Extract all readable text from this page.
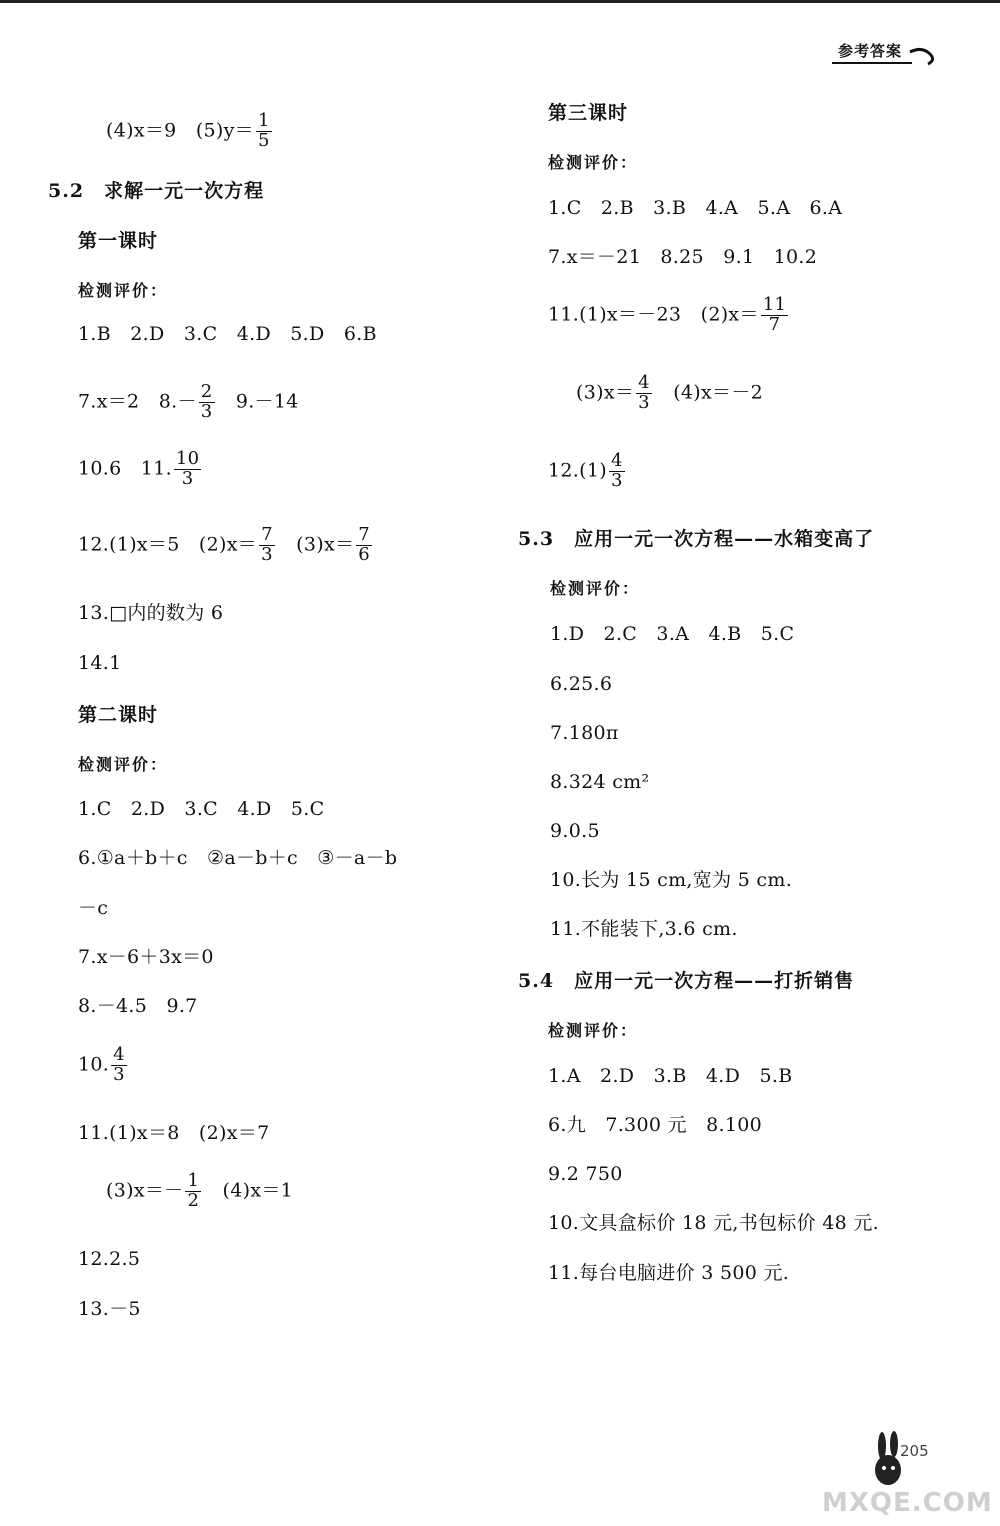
参考答案
(4)x＝9　$(5)y= \frac{1}{5}$
5.2　 求解一元一次方程
第一课时
检测评价：
1.B　2.D　3.C　4.D　5.D　6.B
7.x＝2　$8.- \frac{2}{3}$ 　9.－14
10.6　11. $\frac{10}{3}$
12.(1)x＝5　$(2)x= \frac{7}{3}$ 　$(3)x= \frac{7}{6}$
13.□内的数为 6
14.1
第二课时
检测评价：
1.C　2.D　3.C　4.D　5.C
6.①a＋b＋c　②a－b＋c　③－a－b
－c
7.x－6＋3x＝0
8.－4.5　9.7
10. $\frac{4}{3}$
11.(1)x＝8　(2)x＝7
$(3)x=- \frac{1}{2}$ 　(4)x＝1
12.2.5
13.－5
第三课时
检测评价：
1.C　2.B　3.B　4.A　5.A　6.A
7.x＝－21　8.25　9.1　10.2
11.(1)x＝－23　$(2)x= \frac{11}{7}$
$(3)x= \frac{4}{3}$ 　(4)x＝－2
$12.(1) \frac{4}{3}$
5.3　 应用一元一次方程——水箱变高了
检测评价：
1.D　2.C　3.A　4.B　5.C
6.25.6
7.180π
8.324 cm²
9.0.5
10.长为 15 cm,宽为 5 cm.
11.不能装下,3.6 cm.
5.4　 应用一元一次方程——打折销售
检测评价：
1.A　2.D　3.B　4.D　5.B
6.九　7.300 元　8.100
9.2 750
10.文具盒标价 18 元,书包标价 48 元.
11.每台电脑进价 3 500 元.
205
MXQE.COM
